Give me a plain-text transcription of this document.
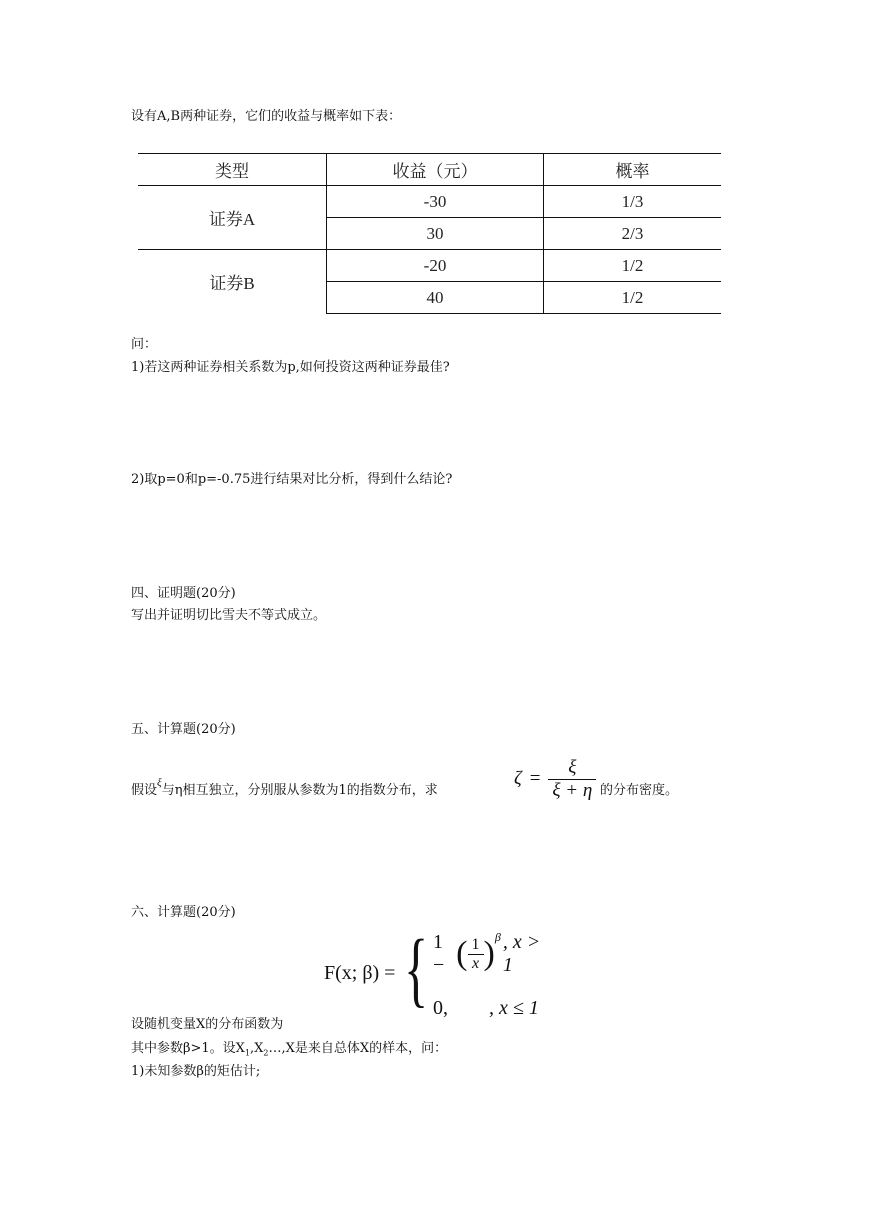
设有A,B两种证券，它们的收益与概率如下表：
类型	收益（元）	概率
证券A	-30	1/3
	30	2/3
证券B	-20	1/2
	40	1/2
问：
1)若这两种证券相关系数为p,如何投资这两种证券最佳?
2)取p=0和p=-0.75进行结果对比分析，得到什么结论?
四、证明题(20分)
写出并证明切比雪夫不等式成立。
五、计算题(20分)
假设$^\xi$与η相互独立，分别服从参数为1的指数分布，求
$\zeta = \frac{\xi}{\xi + \eta}$ 的分布密度。
六、计算题(20分)
F(x; β) = { 1 − ( $\frac{1}{x}$ ) β , x > 1
0, , x ≤ 1
设随机变量X的分布函数为
其中参数β>1。设$X_1,X_2\dots,X$是来自总体X的样本，问：
1)未知参数β的矩估计;
